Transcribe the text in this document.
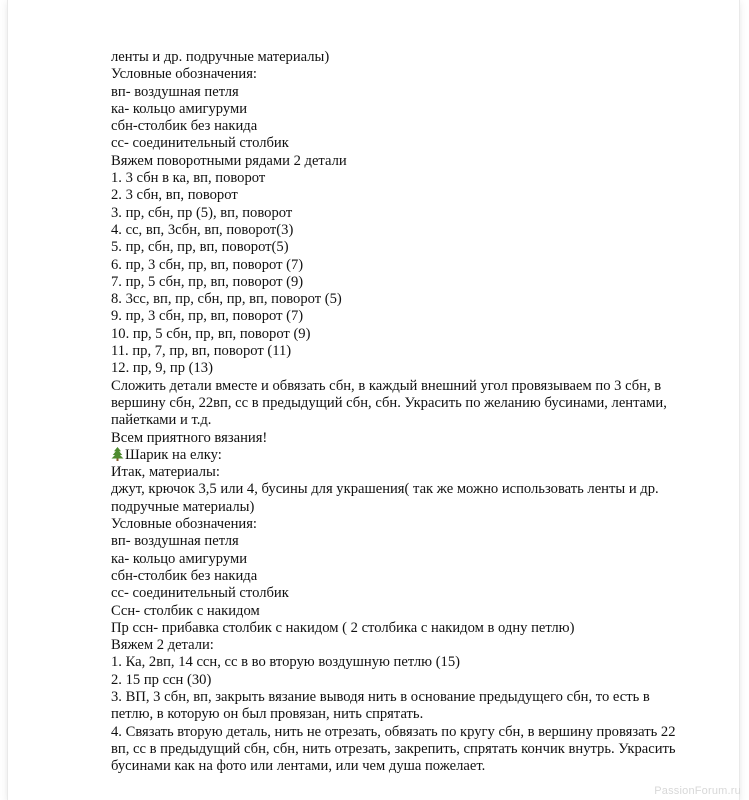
ленты и др. подручные материалы)
Условные обозначения:
вп- воздушная петля
ка- кольцо амигуруми
сбн-столбик без накида
сс- соединительный столбик
Вяжем поворотными рядами 2 детали
1. 3 сбн в ка, вп, поворот
2. 3 сбн, вп, поворот
3. пр, сбн, пр (5), вп, поворот
4. сс, вп, 3сбн, вп, поворот(3)
5. пр, сбн, пр, вп, поворот(5)
6. пр, 3 сбн, пр, вп, поворот (7)
7. пр, 5 сбн, пр, вп, поворот (9)
8. 3сс, вп, пр, сбн, пр, вп, поворот (5)
9. пр, 3 сбн, пр, вп, поворот (7)
10. пр, 5 сбн, пр, вп, поворот (9)
11. пр, 7, пр, вп, поворот (11)
12. пр, 9, пр (13)
Сложить детали вместе и обвязать сбн, в каждый внешний угол провязываем по 3 сбн, в
вершину сбн, 22вп, сс в предыдущий сбн, сбн. Украсить по желанию бусинами, лентами,
пайетками и т.д.
Всем приятного вязания!
Шарик на елку:
Итак, материалы:
джут, крючок 3,5 или 4, бусины для украшения( так же можно использовать ленты и др.
подручные материалы)
Условные обозначения:
вп- воздушная петля
ка- кольцо амигуруми
сбн-столбик без накида
сс- соединительный столбик
Ссн- столбик с накидом
Пр ссн- прибавка столбик с накидом ( 2 столбика с накидом в одну петлю)
Вяжем 2 детали:
1. Ка, 2вп, 14 ссн, сс в во вторую воздушную петлю (15)
2. 15 пр ссн (30)
3. ВП, 3 сбн, вп, закрыть вязание выводя нить в основание предыдущего сбн, то есть в
петлю, в которую он был провязан, нить спрятать.
4. Связать вторую деталь, нить не отрезать, обвязать по кругу сбн, в вершину провязать 22
вп, сс в предыдущий сбн, сбн, нить отрезать, закрепить, спрятать кончик внутрь. Украсить
бусинами как на фото или лентами, или чем душа пожелает.
PassionForum.ru
